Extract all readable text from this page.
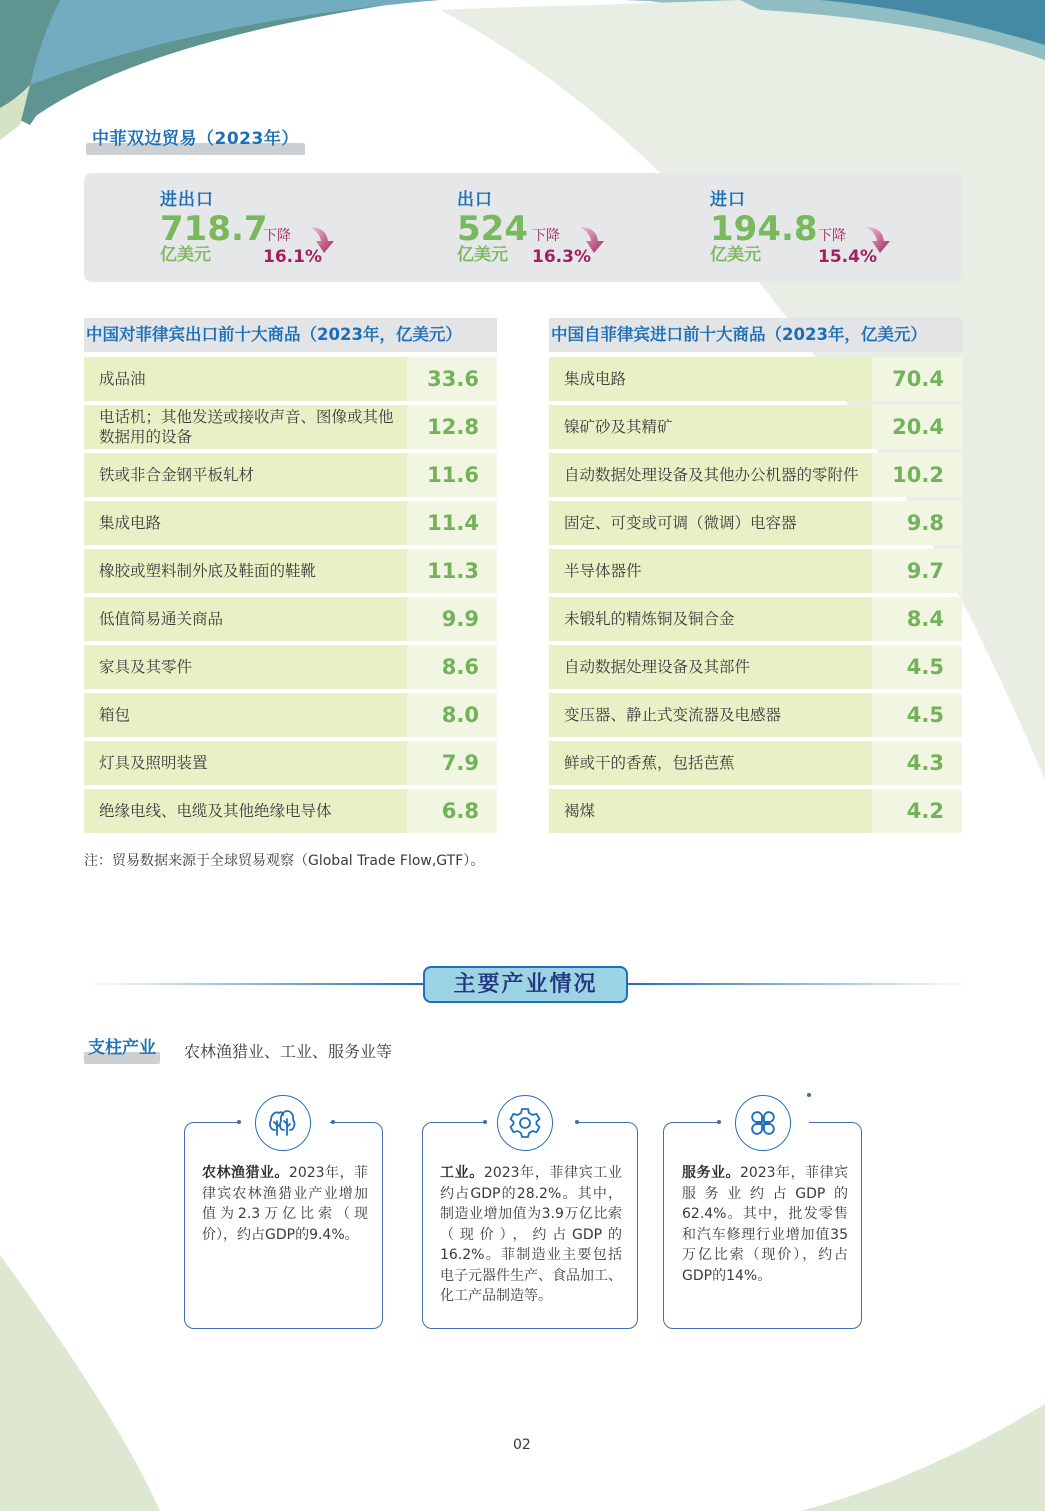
中菲双边贸易（2023年）
进出口
718.7
亿美元
下降
16.1%
出口
524
亿美元
下降
16.3%
进口
194.8
亿美元
下降
15.4%
中国对菲律宾出口前十大商品（2023年，亿美元）
成品油	33.6
电话机；其他发送或接收声音、图像或其他数据用的设备	12.8
铁或非合金钢平板轧材	11.6
集成电路	11.4
橡胶或塑料制外底及鞋面的鞋靴	11.3
低值简易通关商品	9.9
家具及其零件	8.6
箱包	8.0
灯具及照明装置	7.9
绝缘电线、电缆及其他绝缘电导体	6.8
中国自菲律宾进口前十大商品（2023年，亿美元）
集成电路	70.4
镍矿砂及其精矿	20.4
自动数据处理设备及其他办公机器的零附件	10.2
固定、可变或可调（微调）电容器	9.8
半导体器件	9.7
未锻轧的精炼铜及铜合金	8.4
自动数据处理设备及其部件	4.5
变压器、静止式变流器及电感器	4.5
鲜或干的香蕉，包括芭蕉	4.3
褐煤	4.2
注：贸易数据来源于全球贸易观察（Global Trade Flow,GTF）。
主要产业情况
支柱产业 农林渔猎业、工业、服务业等
农林渔猎业。2023年，菲律宾农林渔猎业产业增加值为2.3万亿比索（现价），约占GDP的9.4%。
工业。2023年，菲律宾工业约占GDP的28.2%。其中，制造业增加值为3.9万亿比索（现价），约占GDP的16.2%。菲制造业主要包括电子元器件生产、食品加工、化工产品制造等。
服务业。2023年，菲律宾服务业约占GDP的62.4%。其中，批发零售和汽车修理行业增加值35万亿比索（现价），约占GDP的14%。
02
